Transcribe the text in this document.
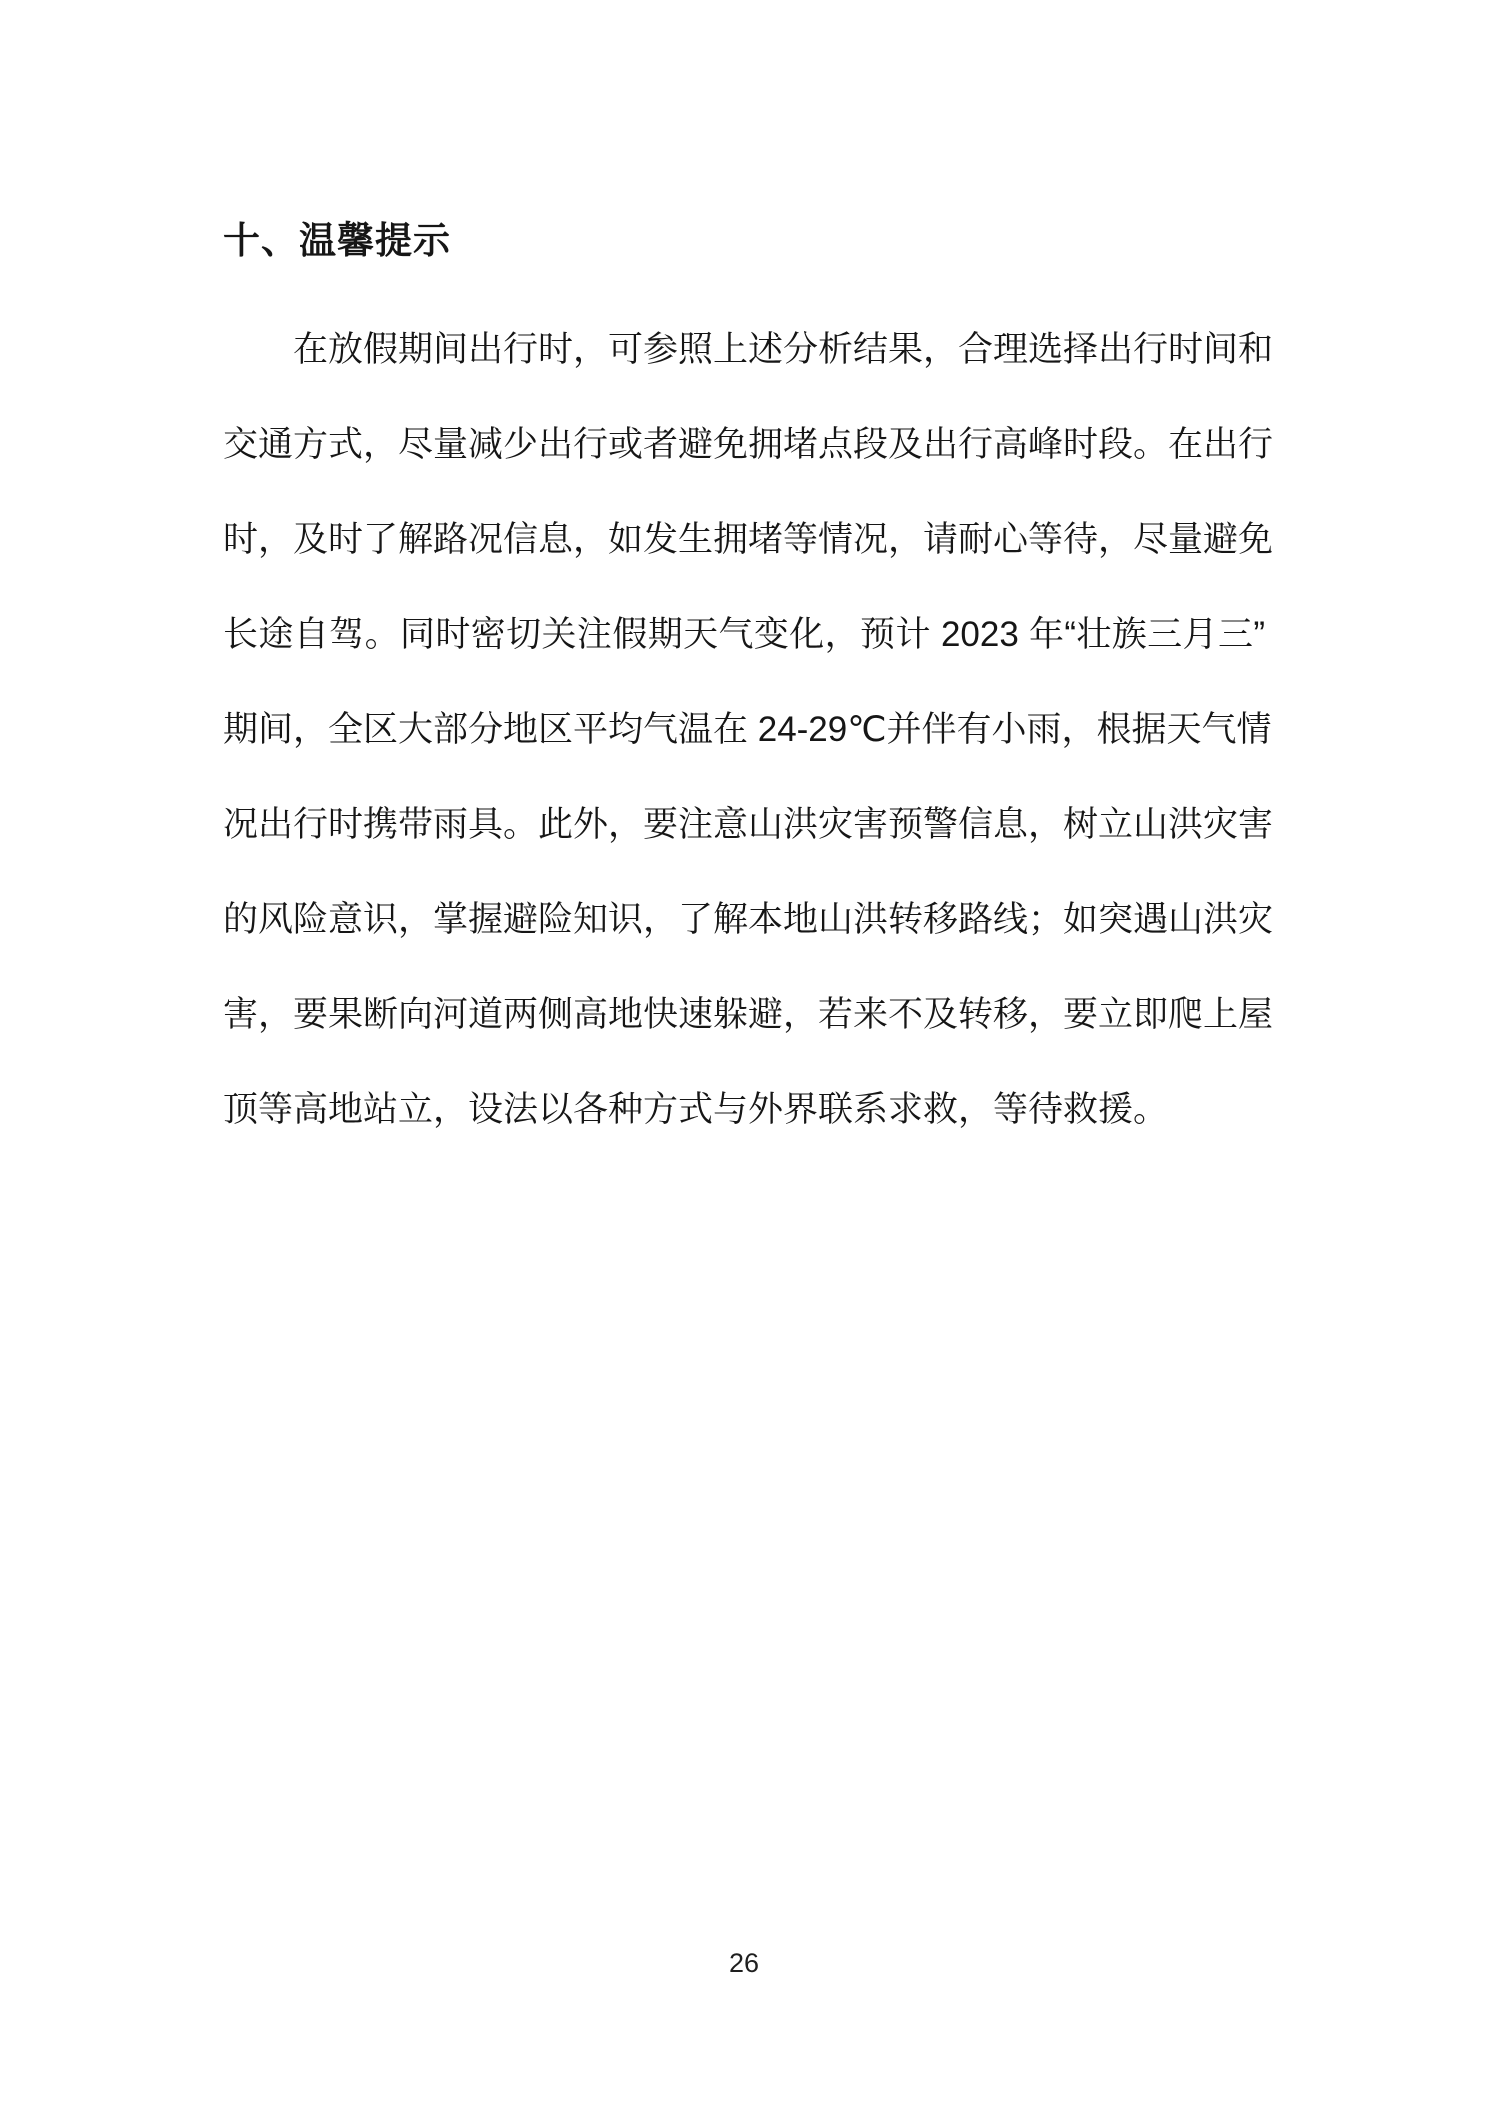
十、温馨提示
在放假期间出行时，可参照上述分析结果，合理选择出行时间和
交通方式，尽量减少出行或者避免拥堵点段及出行高峰时段。在出行
时，及时了解路况信息，如发生拥堵等情况，请耐心等待，尽量避免
长途自驾。同时密切关注假期天气变化，预计 2023 年“壮族三月三”
期间，全区大部分地区平均气温在 24-29℃并伴有小雨，根据天气情
况出行时携带雨具。此外，要注意山洪灾害预警信息，树立山洪灾害
的风险意识，掌握避险知识，了解本地山洪转移路线；如突遇山洪灾
害，要果断向河道两侧高地快速躲避，若来不及转移，要立即爬上屋
顶等高地站立，设法以各种方式与外界联系求救，等待救援。
26
